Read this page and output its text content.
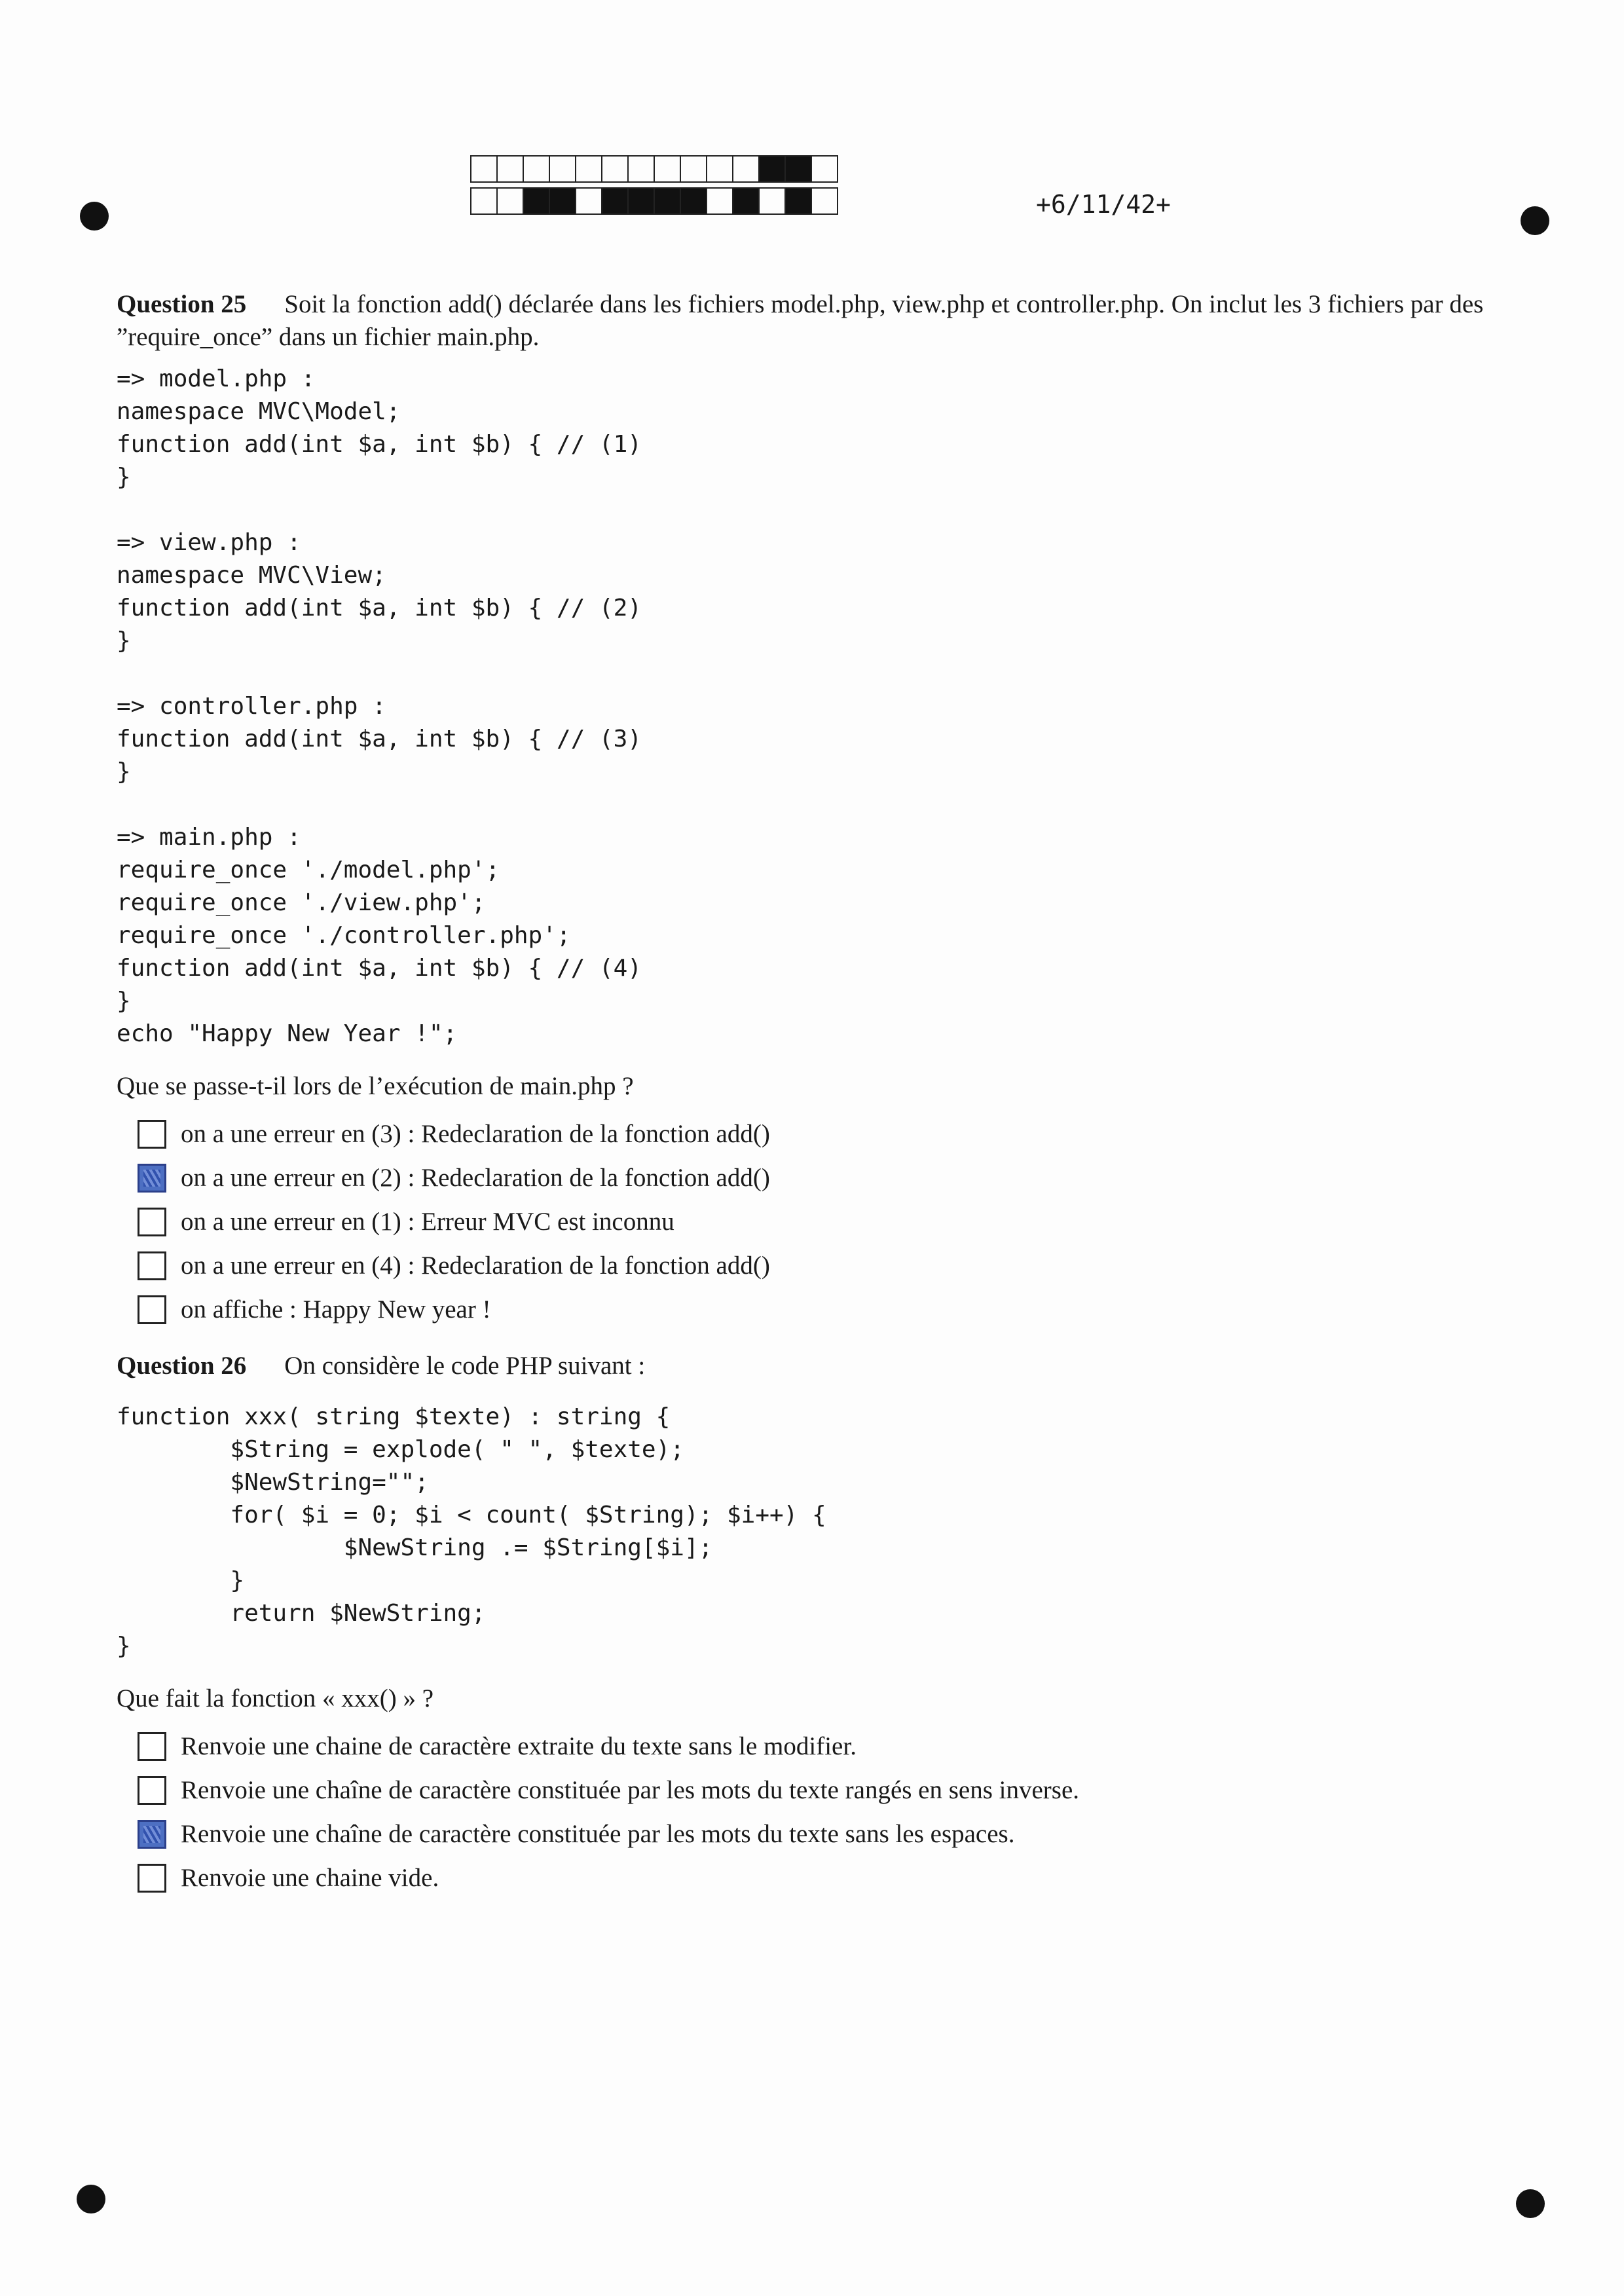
+6/11/42+

Question 25 Soit la fonction add() déclarée dans les fichiers model.php, view.php et controller.php. On inclut les 3 fichiers par des ”require_once” dans un fichier main.php.

=> model.php :
namespace MVC\Model;
function add(int $a, int $b) { // (1)
}
=> view.php :
namespace MVC\View;
function add(int $a, int $b) { // (2)
}
=> controller.php :
function add(int $a, int $b) { // (3)
}
=> main.php :
require_once './model.php';
require_once './view.php';
require_once './controller.php';
function add(int $a, int $b) { // (4)
}
echo "Happy New Year !";

Que se passe-t-il lors de l’exécution de main.php ?

on a une erreur en (3) : Redeclaration de la fonction add()
on a une erreur en (2) : Redeclaration de la fonction add()
on a une erreur en (1) : Erreur MVC est inconnu
on a une erreur en (4) : Redeclaration de la fonction add()
on affiche : Happy New year !

Question 26 On considère le code PHP suivant :

function xxx( string $texte) : string {
$String = explode( " ", $texte);
$NewString="";
for( $i = 0; $i < count( $String); $i++) {
$NewString .= $String[$i];
}
return $NewString;
}

Que fait la fonction « xxx() » ?

Renvoie une chaine de caractère extraite du texte sans le modifier.
Renvoie une chaîne de caractère constituée par les mots du texte rangés en sens inverse.
Renvoie une chaîne de caractère constituée par les mots du texte sans les espaces.
Renvoie une chaine vide.
